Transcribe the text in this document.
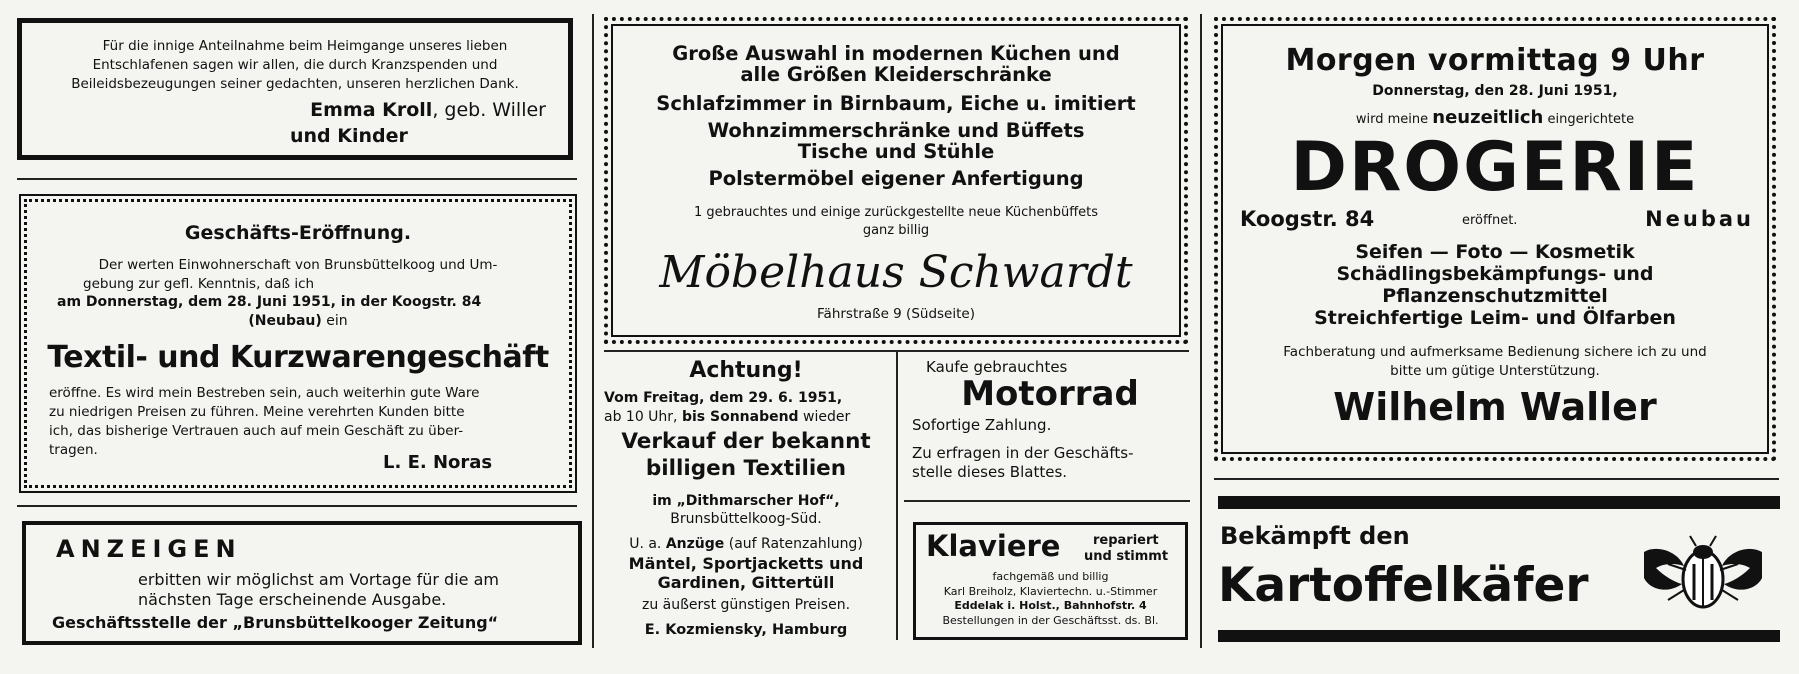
Für die innige Anteilnahme beim Heimgange unseres lieben
Entschlafenen sagen wir allen, die durch Kranzspenden und
Beileidsbezeugungen seiner gedachten, unseren herzlichen Dank.
Emma Kroll, geb. Willer
und Kinder
Geschäfts-Eröffnung.
Der werten Einwohnerschaft von Brunsbüttelkoog und Um-
gebung zur gefl. Kenntnis, daß ich
am Donnerstag, dem 28. Juni 1951, in der Koogstr. 84
(Neubau) ein
Textil- und Kurzwarengeschäft
eröffne. Es wird mein Bestreben sein, auch weiterhin gute Ware
zu niedrigen Preisen zu führen. Meine verehrten Kunden bitte
ich, das bisherige Vertrauen auch auf mein Geschäft zu über-
tragen.
L. E. Noras
ANZEIGEN
erbitten wir möglichst am Vortage für die am
nächsten Tage erscheinende Ausgabe.
Geschäftsstelle der „Brunsbüttelkooger Zeitung“
Große Auswahl in modernen Küchen und
alle Größen Kleiderschränke
Schlafzimmer in Birnbaum, Eiche u. imitiert
Wohnzimmerschränke und Büffets
Tische und Stühle
Polstermöbel eigener Anfertigung
1 gebrauchtes und einige zurückgestellte neue Küchenbüffets
ganz billig
Möbelhaus Schwardt
Fährstraße 9 (Südseite)
Achtung!
Vom Freitag, dem 29. 6. 1951,
ab 10 Uhr, bis Sonnabend wieder
Verkauf der bekannt
billigen Textilien
im „Dithmarscher Hof“,
Brunsbüttelkoog-Süd.
U. a. Anzüge (auf Ratenzahlung)
Mäntel, Sportjacketts und
Gardinen, Gittertüll
zu äußerst günstigen Preisen.
E. Kozmiensky, Hamburg
Kaufe gebrauchtes
Motorrad
Sofortige Zahlung.
Zu erfragen in der Geschäfts-
stelle dieses Blattes.
Klaviere	repariert
und stimmt
fachgemäß und billig
Karl Breiholz, Klaviertechn. u.-Stimmer
Eddelak i. Holst., Bahnhofstr. 4
Bestellungen in der Geschäftsst. ds. Bl.
Morgen vormittag 9 Uhr
Donnerstag, den 28. Juni 1951,
wird meine neuzeitlich eingerichtete
DROGERIE
Koogstr. 84	eröffnet.	Neubau
Seifen — Foto — Kosmetik
Schädlingsbekämpfungs- und
Pflanzenschutzmittel
Streichfertige Leim- und Ölfarben
Fachberatung und aufmerksame Bedienung sichere ich zu und
bitte um gütige Unterstützung.
Wilhelm Waller
Bekämpft den
Kartoffelkäfer
